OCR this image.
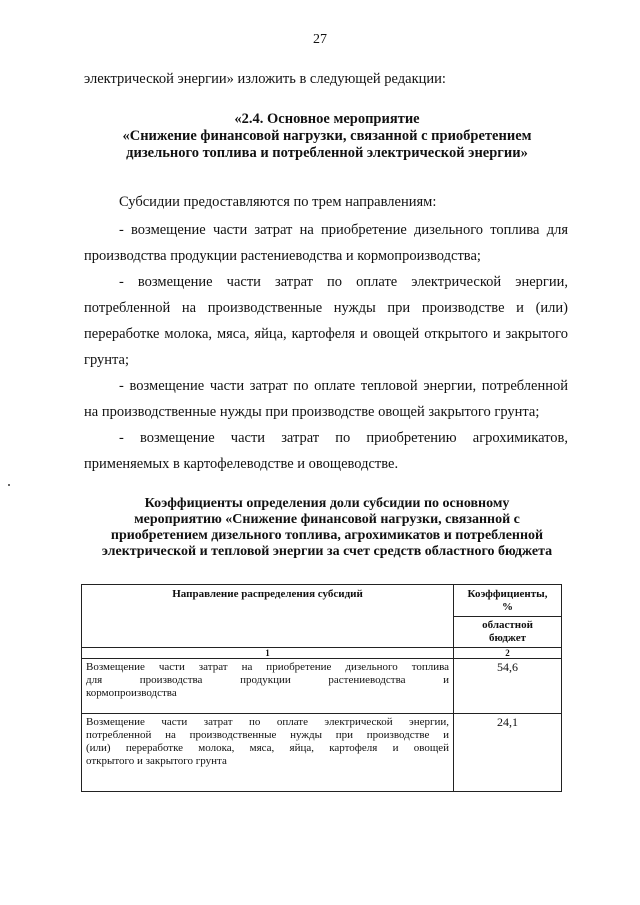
27
электрической энергии» изложить в следующей редакции:
«2.4. Основное мероприятие
«Снижение финансовой нагрузки, связанной с приобретением
дизельного топлива и потребленной электрической энергии»
Субсидии предоставляются по трем направлениям:
- возмещение части затрат на приобретение дизельного топлива для
производства продукции растениеводства и кормопроизводства;
- возмещение части затрат по оплате электрической энергии,
потребленной на производственные нужды при производстве и (или)
переработке молока, мяса, яйца, картофеля и овощей открытого и закрытого
грунта;
- возмещение части затрат по оплате тепловой энергии, потребленной
на производственные нужды при производстве овощей закрытого грунта;
- возмещение части затрат по приобретению агрохимикатов,
применяемых в картофелеводстве и овощеводстве.
Коэффициенты определения доли субсидии по основному
мероприятию «Снижение финансовой нагрузки, связанной с
приобретением дизельного топлива, агрохимикатов и потребленной
электрической и тепловой энергии за счет средств областного бюджета
Направление распределения субсидий	Коэффициенты,
%
	областной
бюджет
1	2

Возмещение части затрат на приобретение дизельного топлива
для производства продукции растениеводства и
кормопроизводства	54,6

Возмещение части затрат по оплате электрической энергии,
потребленной на производственные нужды при производстве и
(или) переработке молока, мяса, яйца, картофеля и овощей
открытого и закрытого грунта	24,1
